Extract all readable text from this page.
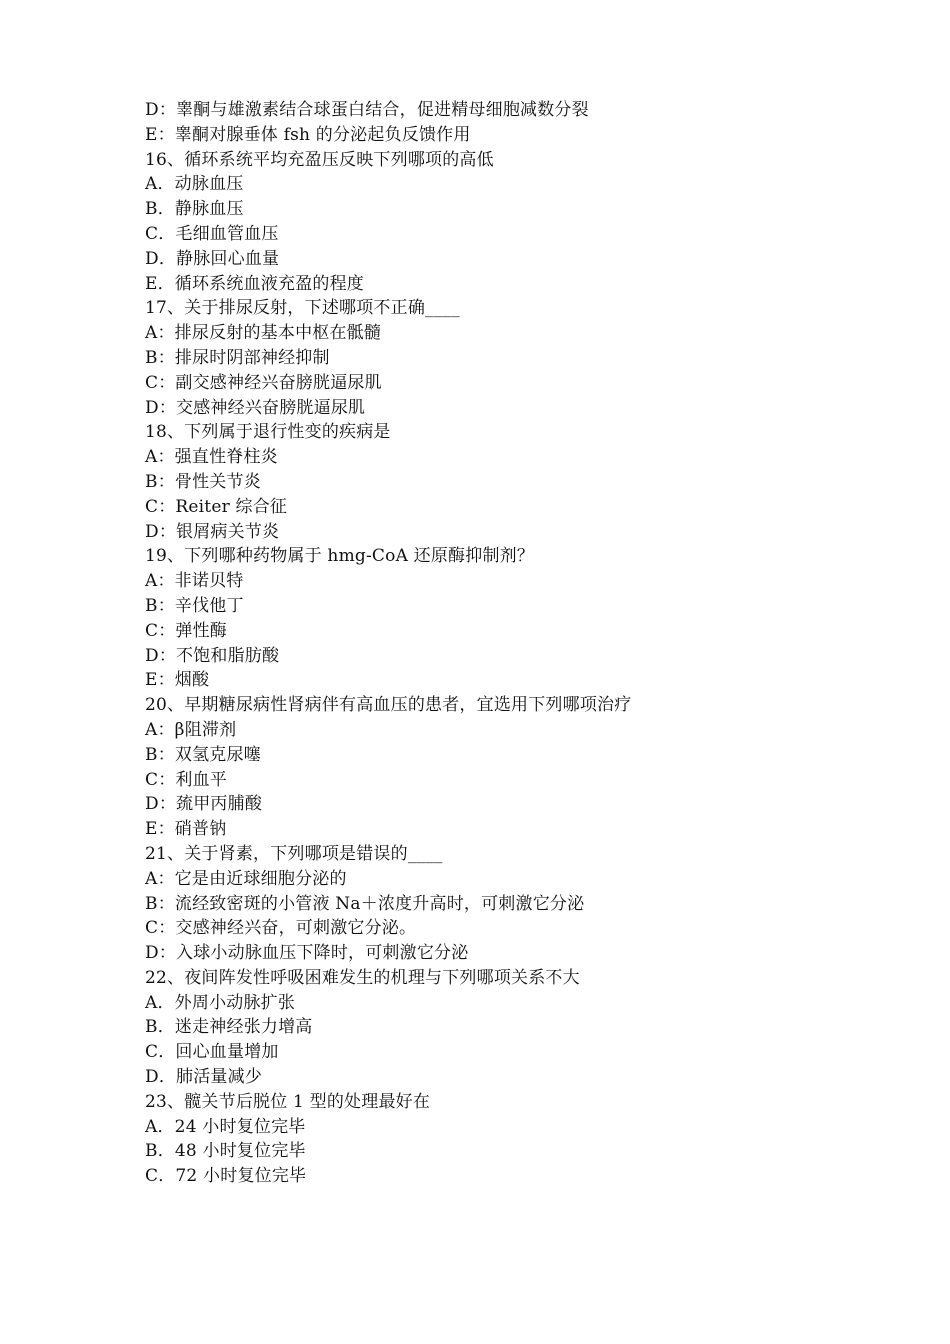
D：睾酮与雄激素结合球蛋白结合，促进精母细胞减数分裂
E：睾酮对腺垂体 fsh 的分泌起负反馈作用
16、循环系统平均充盈压反映下列哪项的高低
A．动脉血压
B．静脉血压
C．毛细血管血压
D．静脉回心血量
E．循环系统血液充盈的程度
17、关于排尿反射，下述哪项不正确____
A：排尿反射的基本中枢在骶髓
B：排尿时阴部神经抑制
C：副交感神经兴奋膀胱逼尿肌
D：交感神经兴奋膀胱逼尿肌
18、下列属于退行性变的疾病是
A：强直性脊柱炎
B：骨性关节炎
C：Reiter 综合征
D：银屑病关节炎
19、下列哪种药物属于 hmg-CoA 还原酶抑制剂？
A：非诺贝特
B：辛伐他丁
C：弹性酶
D：不饱和脂肪酸
E：烟酸
20、早期糖尿病性肾病伴有高血压的患者，宜选用下列哪项治疗
A：β阻滞剂
B：双氢克尿噻
C：利血平
D：巯甲丙脯酸
E：硝普钠
21、关于肾素，下列哪项是错误的____
A：它是由近球细胞分泌的
B：流经致密斑的小管液 Na＋浓度升高时，可刺激它分泌
C：交感神经兴奋，可刺激它分泌。
D：入球小动脉血压下降时，可刺激它分泌
22、夜间阵发性呼吸困难发生的机理与下列哪项关系不大
A．外周小动脉扩张
B．迷走神经张力增高
C．回心血量增加
D．肺活量减少
23、髋关节后脱位 1 型的处理最好在
A．24 小时复位完毕
B．48 小时复位完毕
C．72 小时复位完毕
